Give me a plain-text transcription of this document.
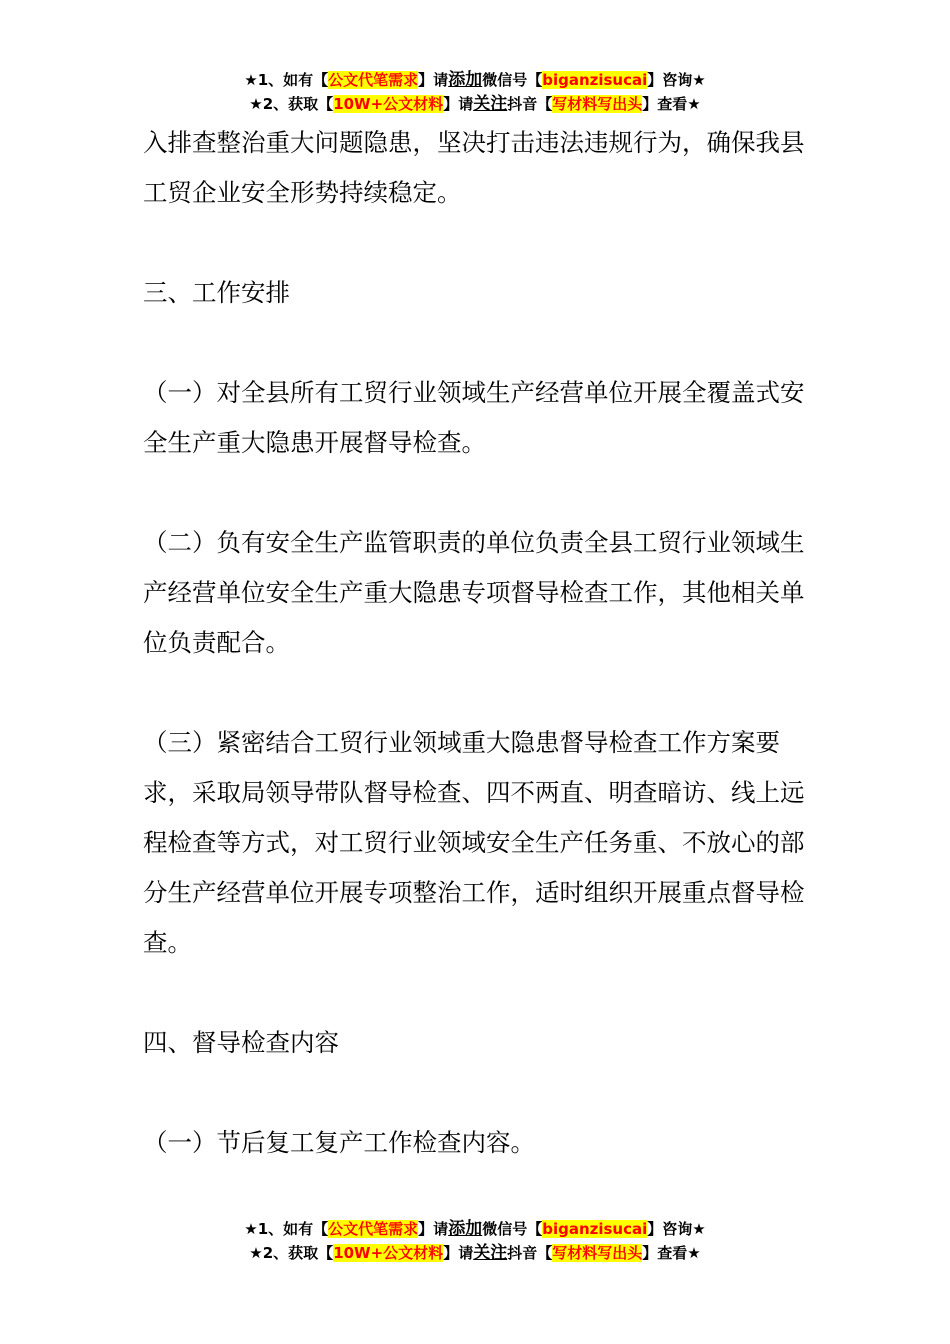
★1、如有【公文代笔需求】请添加微信号【biganzisucai】咨询★
★2、获取【10W+公文材料】请关注抖音【写材料写出头】查看★

入排查整治重大问题隐患，坚决打击违法违规行为，确保我县工贸企业安全形势持续稳定。

三、工作安排

（一）对全县所有工贸行业领域生产经营单位开展全覆盖式安全生产重大隐患开展督导检查。

（二）负有安全生产监管职责的单位负责全县工贸行业领域生产经营单位安全生产重大隐患专项督导检查工作，其他相关单位负责配合。

（三）紧密结合工贸行业领域重大隐患督导检查工作方案要求，采取局领导带队督导检查、四不两直、明查暗访、线上远程检查等方式，对工贸行业领域安全生产任务重、不放心的部分生产经营单位开展专项整治工作，适时组织开展重点督导检查。

四、督导检查内容

（一）节后复工复产工作检查内容。

★1、如有【公文代笔需求】请添加微信号【biganzisucai】咨询★
★2、获取【10W+公文材料】请关注抖音【写材料写出头】查看★
